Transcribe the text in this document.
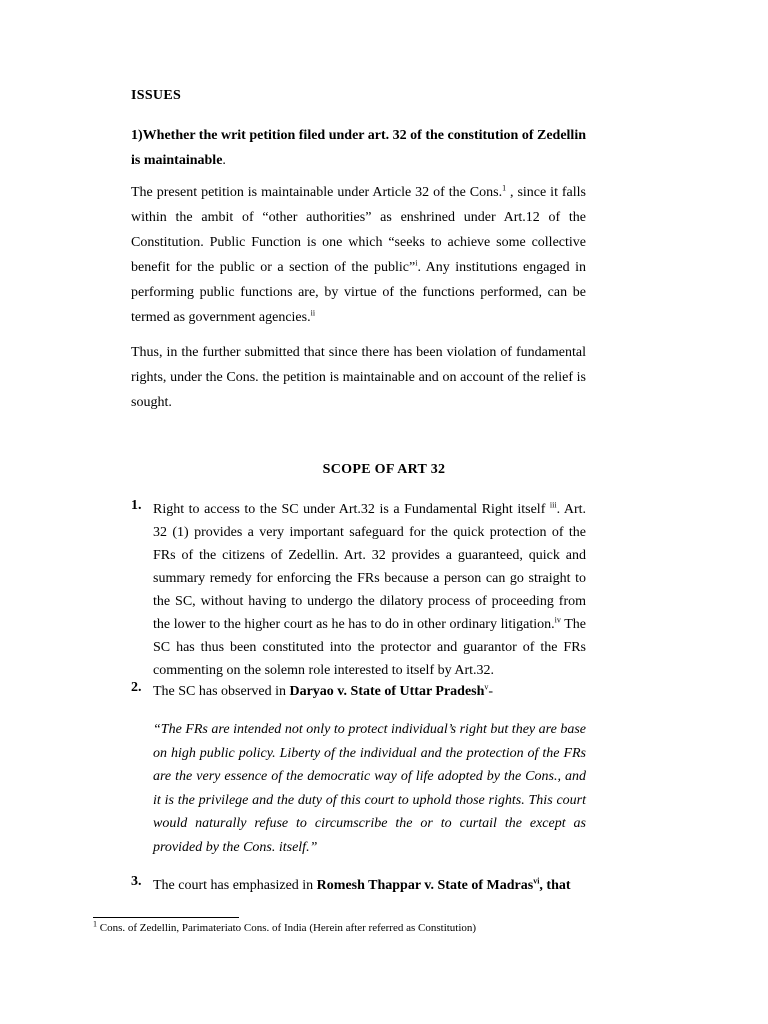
ISSUES
1)Whether the writ petition filed under art. 32 of the constitution of Zedellin is maintainable.
The present petition is maintainable under Article 32 of the Cons.$^1$ , since it falls within the ambit of “other authorities” as enshrined under Art.12 of the Constitution. Public Function is one which “seeks to achieve some collective benefit for the public or a section of the public”$^i$. Any institutions engaged in performing public functions are, by virtue of the functions performed, can be termed as government agencies.$^{ii}$
Thus, in the further submitted that since there has been violation of fundamental rights, under the Cons. the petition is maintainable and on account of the relief is sought.
SCOPE OF ART 32
1. Right to access to the SC under Art.32 is a Fundamental Right itself $^{iii}$. Art. 32 (1) provides a very important safeguard for the quick protection of the FRs of the citizens of Zedellin. Art. 32 provides a guaranteed, quick and summary remedy for enforcing the FRs because a person can go straight to the SC, without having to undergo the dilatory process of proceeding from the lower to the higher court as he has to do in other ordinary litigation.$^{iv}$ The SC has thus been constituted into the protector and guarantor of the FRs commenting on the solemn role interested to itself by Art.32.
2. The SC has observed in Daryao v. State of Uttar Pradesh$^v$-
3. The court has emphasized in Romesh Thappar v. State of Madras$^{vi}$, that
“The FRs are intended not only to protect individual’s right but they are base on high public policy. Liberty of the individual and the protection of the FRs are the very essence of the democratic way of life adopted by the Cons., and it is the privilege and the duty of this court to uphold those rights. This court would naturally refuse to circumscribe the or to curtail the except as provided by the Cons. itself.”
$^1$ Cons. of Zedellin, Parimateriato Cons. of India (Herein after referred as Constitution)
